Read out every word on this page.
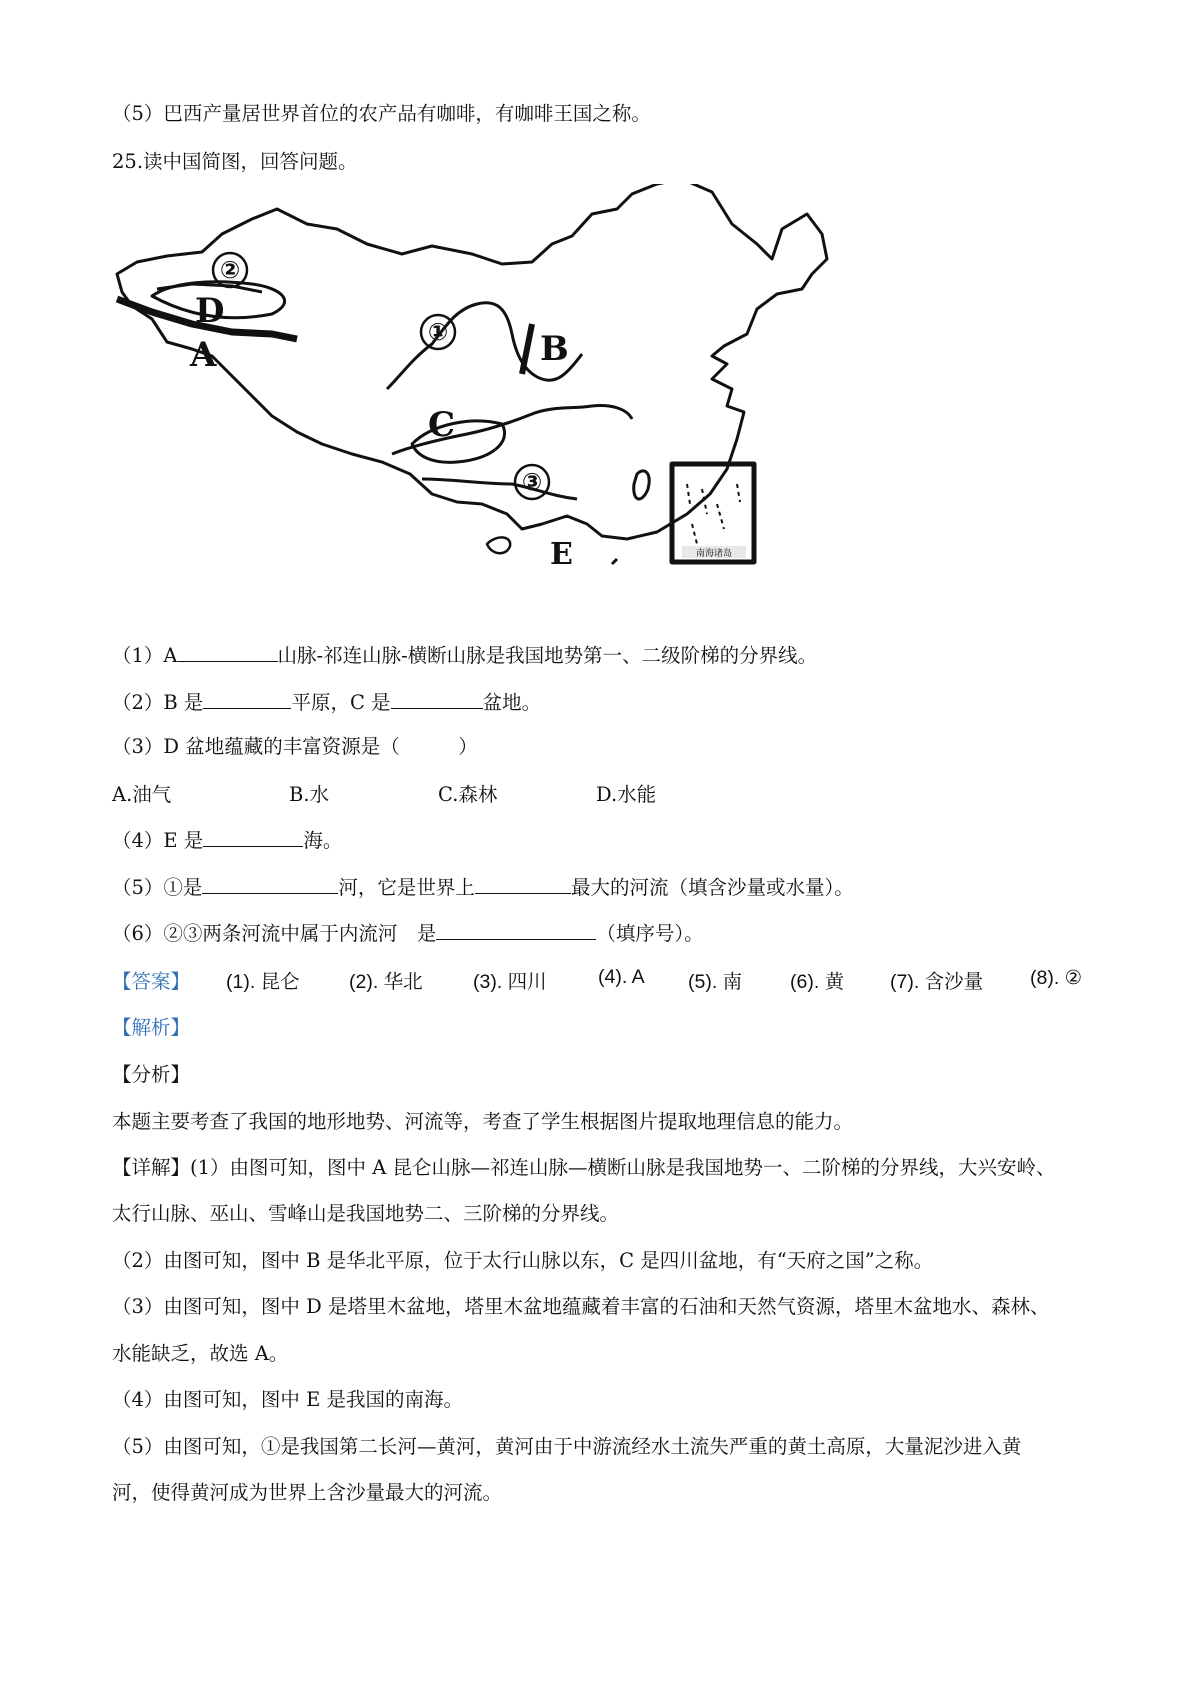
（5）巴西产量居世界首位的农产品有咖啡，有咖啡王国之称。
25.读中国简图，回答问题。
南海诸岛
②
①
③
D
A	B
C
E
（1）A	山脉-祁连山脉-横断山脉是我国地势第一、二级阶梯的分界线。
（2）B 是	平原，C 是	盆地。
（3）D 盆地蕴藏的丰富资源是（　　　）
A.油气	B.水	C.森林	D.水能
（4）E 是	海。
（5）①是	河，它是世界上	最大的河流（填含沙量或水量）。
（6）②③两条河流中属于内流河　是	（填序号）。
【答案】 (1). 昆仑	(2). 华北	(3). 四川	(4). A (5). 南 (6). 黄 (7). 含沙量 (8). ②
【解析】
【分析】
本题主要考查了我国的地形地势、河流等，考查了学生根据图片提取地理信息的能力。
【详解】(1）由图可知，图中 A 昆仑山脉—祁连山脉—横断山脉是我国地势一、二阶梯的分界线，大兴安岭、
太行山脉、巫山、雪峰山是我国地势二、三阶梯的分界线。
（2）由图可知，图中 B 是华北平原，位于太行山脉以东，C 是四川盆地，有“天府之国”之称。
（3）由图可知，图中 D 是塔里木盆地，塔里木盆地蕴藏着丰富的石油和天然气资源，塔里木盆地水、森林、
水能缺乏，故选 A。
（4）由图可知，图中 E 是我国的南海。
（5）由图可知，①是我国第二长河—黄河，黄河由于中游流经水土流失严重的黄土高原，大量泥沙进入黄
河，使得黄河成为世界上含沙量最大的河流。
